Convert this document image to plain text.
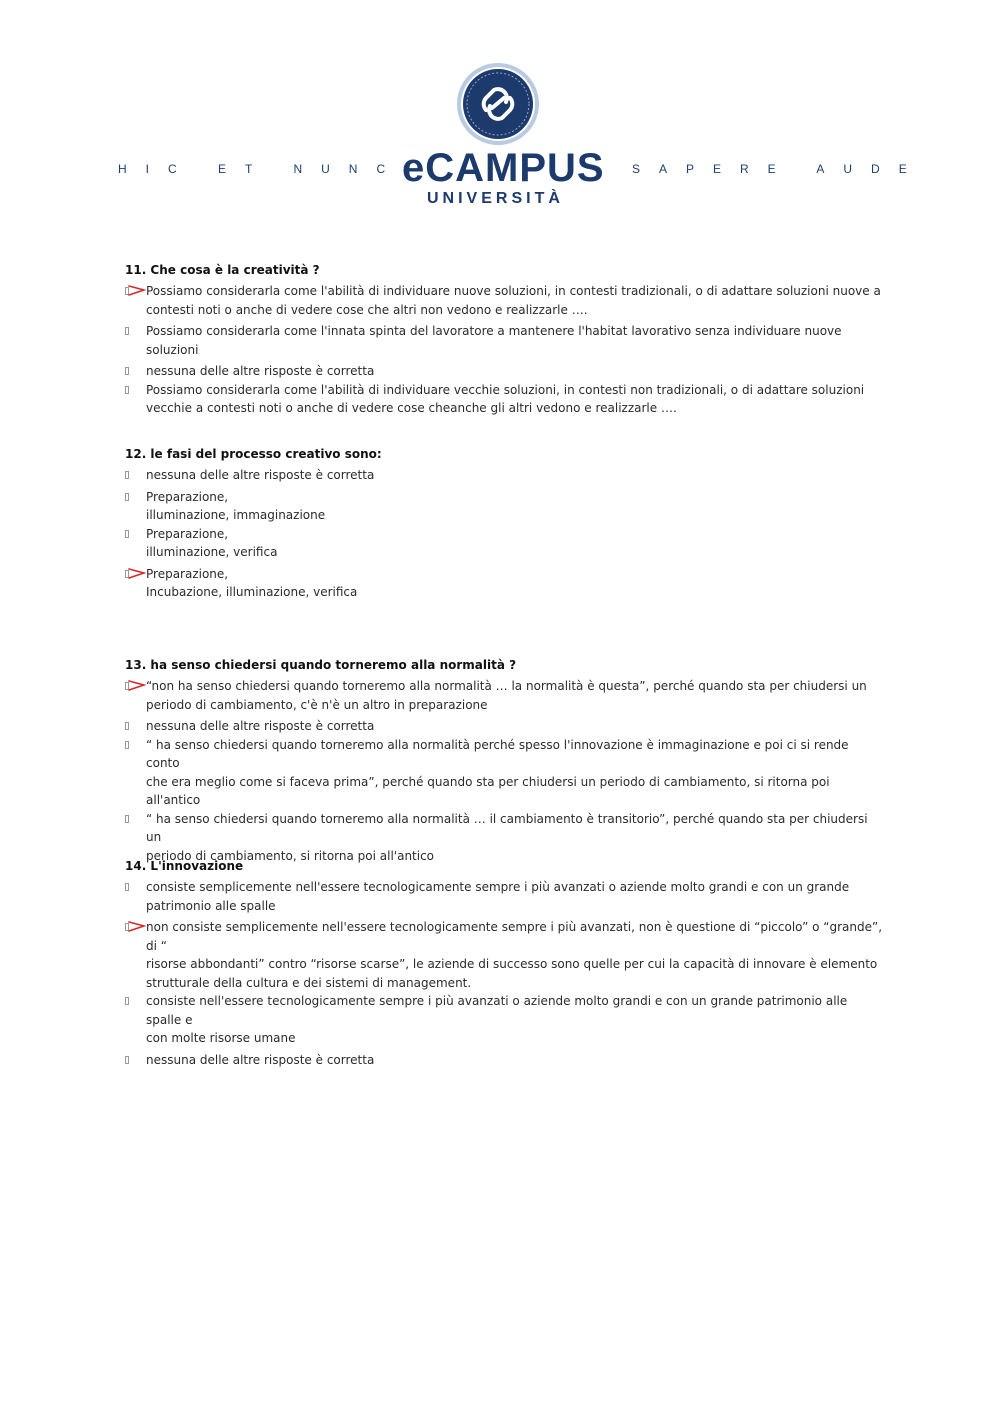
HIC ET NUNC
eCAMPUS
UNIVERSITÀ
SAPERE AUDE
11. Che cosa è la creatività ?
Possiamo considerarla come l'abilità di individuare nuove soluzioni, in contesti tradizionali, o di adattare soluzioni nuove a
contesti noti o anche di vedere cose che altri non vedono e realizzarle ….
Possiamo considerarla come l'innata spinta del lavoratore a mantenere l'habitat lavorativo senza individuare nuove soluzioni
nessuna delle altre risposte è corretta
Possiamo considerarla come l'abilità di individuare vecchie soluzioni, in contesti non tradizionali, o di adattare soluzioni
vecchie a contesti noti o anche di vedere cose cheanche gli altri vedono e realizzarle ….
12. le fasi del processo creativo sono:
nessuna delle altre risposte è corretta
Preparazione,
illuminazione, immaginazione
Preparazione,
illuminazione, verifica
Preparazione,
Incubazione, illuminazione, verifica
13. ha senso chiedersi quando torneremo alla normalità ?
“non ha senso chiedersi quando torneremo alla normalità … la normalità è questa”, perché quando sta per chiudersi un
periodo di cambiamento, c'è n'è un altro in preparazione
nessuna delle altre risposte è corretta
“ ha senso chiedersi quando torneremo alla normalità perché spesso l'innovazione è immaginazione e poi ci si rende conto
che era meglio come si faceva prima”, perché quando sta per chiudersi un periodo di cambiamento, si ritorna poi all'antico
“ ha senso chiedersi quando torneremo alla normalità … il cambiamento è transitorio”, perché quando sta per chiudersi un
periodo di cambiamento, si ritorna poi all'antico
14. L'innovazione
consiste semplicemente nell'essere tecnologicamente sempre i più avanzati o aziende molto grandi e con un grande
patrimonio alle spalle
non consiste semplicemente nell'essere tecnologicamente sempre i più avanzati, non è questione di “piccolo” o “grande”, di “
risorse abbondanti” contro “risorse scarse”, le aziende di successo sono quelle per cui la capacità di innovare è elemento
strutturale della cultura e dei sistemi di management.
consiste nell'essere tecnologicamente sempre i più avanzati o aziende molto grandi e con un grande patrimonio alle spalle e
con molte risorse umane
nessuna delle altre risposte è corretta
